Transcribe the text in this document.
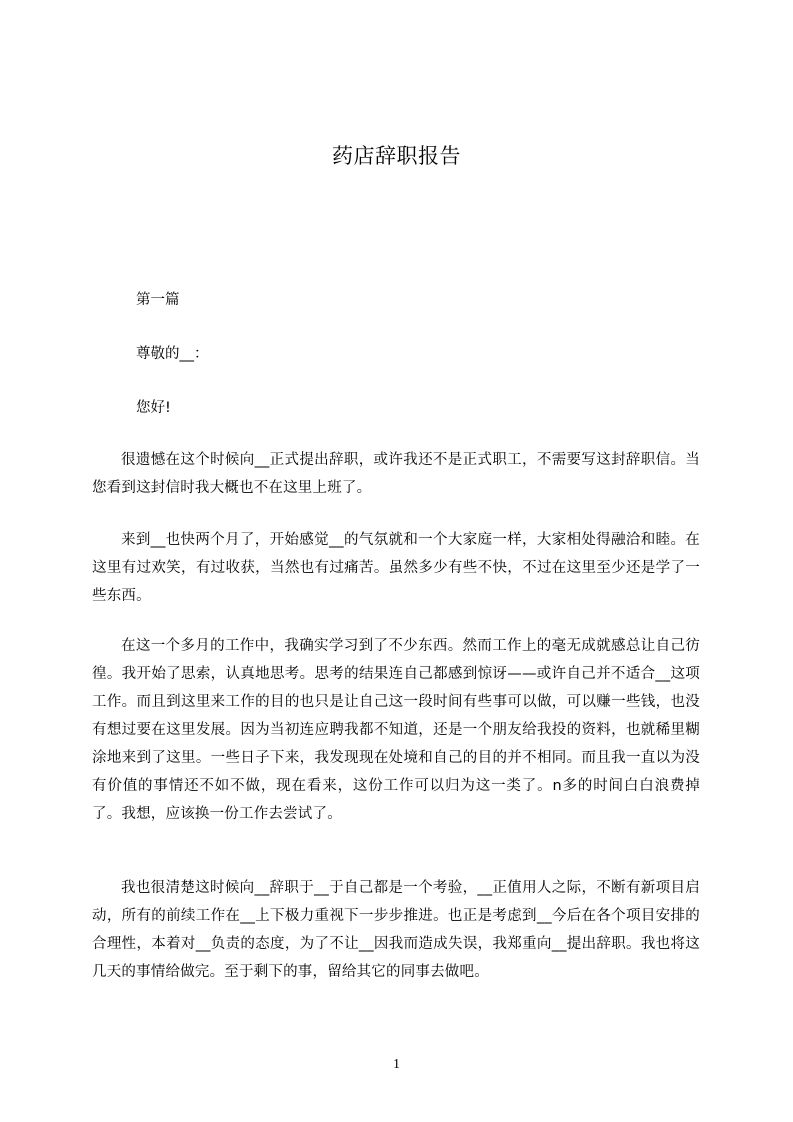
药店辞职报告
第一篇
尊敬的__：
您好!
很遗憾在这个时候向__正式提出辞职，或许我还不是正式职工，不需要写这封辞职信。当您看到这封信时我大概也不在这里上班了。
来到__也快两个月了，开始感觉__的气氛就和一个大家庭一样，大家相处得融洽和睦。在这里有过欢笑，有过收获，当然也有过痛苦。虽然多少有些不快，不过在这里至少还是学了一些东西。
在这一个多月的工作中，我确实学习到了不少东西。然而工作上的毫无成就感总让自己彷徨。我开始了思索，认真地思考。思考的结果连自己都感到惊讶——或许自己并不适合__这项工作。而且到这里来工作的目的也只是让自己这一段时间有些事可以做，可以赚一些钱，也没有想过要在这里发展。因为当初连应聘我都不知道，还是一个朋友给我投的资料，也就稀里糊涂地来到了这里。一些日子下来，我发现现在处境和自己的目的并不相同。而且我一直以为没有价值的事情还不如不做，现在看来，这份工作可以归为这一类了。n多的时间白白浪费掉了。我想，应该换一份工作去尝试了。
我也很清楚这时候向__辞职于__于自己都是一个考验，__正值用人之际，不断有新项目启动，所有的前续工作在__上下极力重视下一步步推进。也正是考虑到__今后在各个项目安排的合理性，本着对__负责的态度，为了不让__因我而造成失误，我郑重向__提出辞职。我也将这几天的事情给做完。至于剩下的事，留给其它的同事去做吧。
1
